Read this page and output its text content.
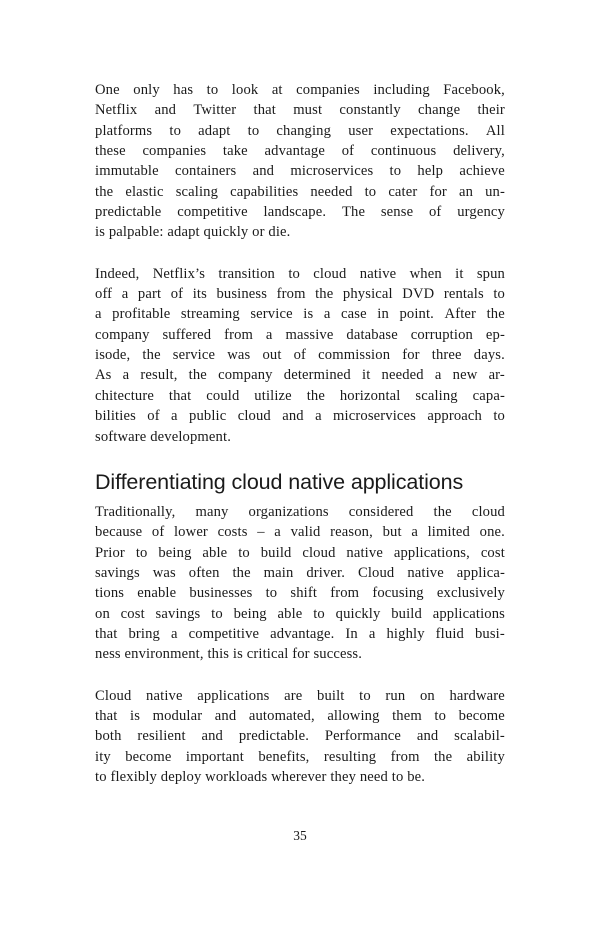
One only has to look at companies including Facebook,
Netflix and Twitter that must constantly change their
platforms to adapt to changing user expectations. All
these companies take advantage of continuous delivery,
immutable containers and microservices to help achieve
the elastic scaling capabilities needed to cater for an un-
predictable competitive landscape. The sense of urgency
is palpable: adapt quickly or die.

Indeed, Netflix’s transition to cloud native when it spun
off a part of its business from the physical DVD rentals to
a profitable streaming service is a case in point. After the
company suffered from a massive database corruption ep-
isode, the service was out of commission for three days.
As a result, the company determined it needed a new ar-
chitecture that could utilize the horizontal scaling capa-
bilities of a public cloud and a microservices approach to
software development.

Differentiating cloud native applications

Traditionally, many organizations considered the cloud
because of lower costs – a valid reason, but a limited one.
Prior to being able to build cloud native applications, cost
savings was often the main driver. Cloud native applica-
tions enable businesses to shift from focusing exclusively
on cost savings to being able to quickly build applications
that bring a competitive advantage. In a highly fluid busi-
ness environment, this is critical for success.

Cloud native applications are built to run on hardware
that is modular and automated, allowing them to become
both resilient and predictable. Performance and scalabil-
ity become important benefits, resulting from the ability
to flexibly deploy workloads wherever they need to be.

35
